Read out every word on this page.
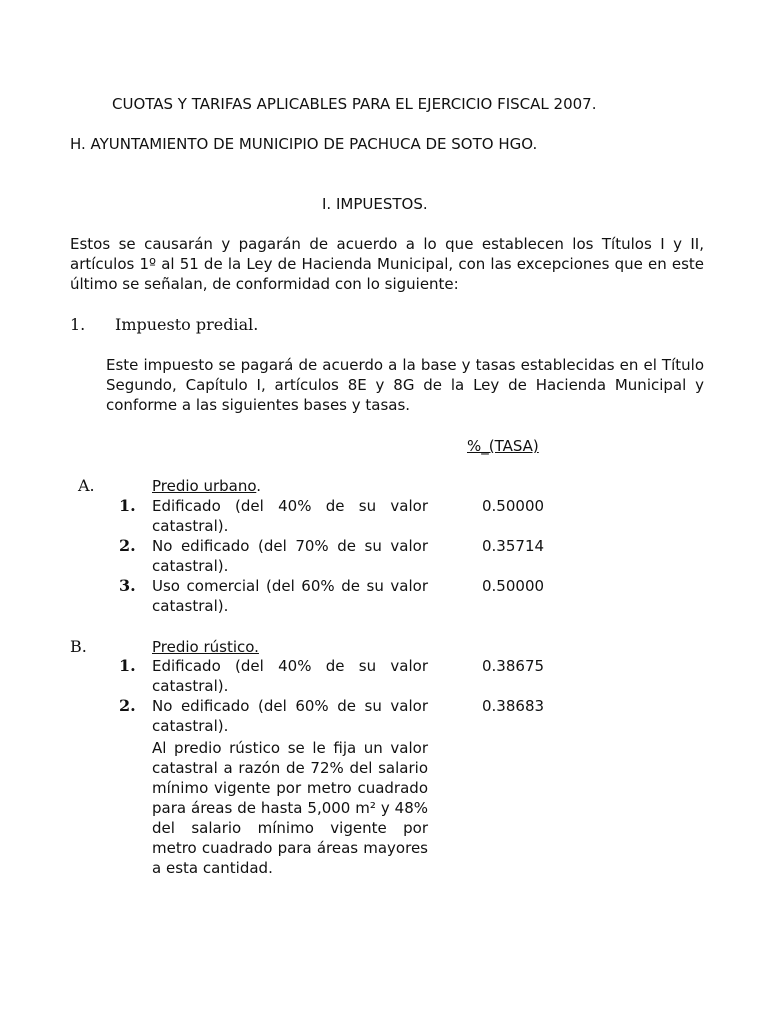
CUOTAS Y TARIFAS APLICABLES PARA EL EJERCICIO FISCAL 2007.
H. AYUNTAMIENTO DE MUNICIPIO DE PACHUCA DE SOTO HGO.
I. IMPUESTOS.
Estos se causarán y pagarán de acuerdo a lo que establecen los Títulos I y II, artículos 1º al 51 de la Ley de Hacienda Municipal, con las excepciones que en este último se señalan, de conformidad con lo siguiente:
1. Impuesto predial.
Este impuesto se pagará de acuerdo a la base y tasas establecidas en el Título Segundo, Capítulo I, artículos 8E y 8G de la Ley de Hacienda Municipal y conforme a las siguientes bases y tasas.
%_(TASA)
A.	Predio urbano.
1. Edificado (del 40% de su valor catastral).
0.50000
2. No edificado (del 70% de su valor catastral).
0.35714
3. Uso comercial (del 60% de su valor catastral).
0.50000
B.	Predio rústico.
1. Edificado (del 40% de su valor catastral).
0.38675
2. No edificado (del 60% de su valor catastral).
0.38683
Al predio rústico se le fija un valor catastral a razón de 72% del salario mínimo vigente por metro cuadrado para áreas de hasta 5,000 m² y 48% del salario mínimo vigente por metro cuadrado para áreas mayores a esta cantidad.
